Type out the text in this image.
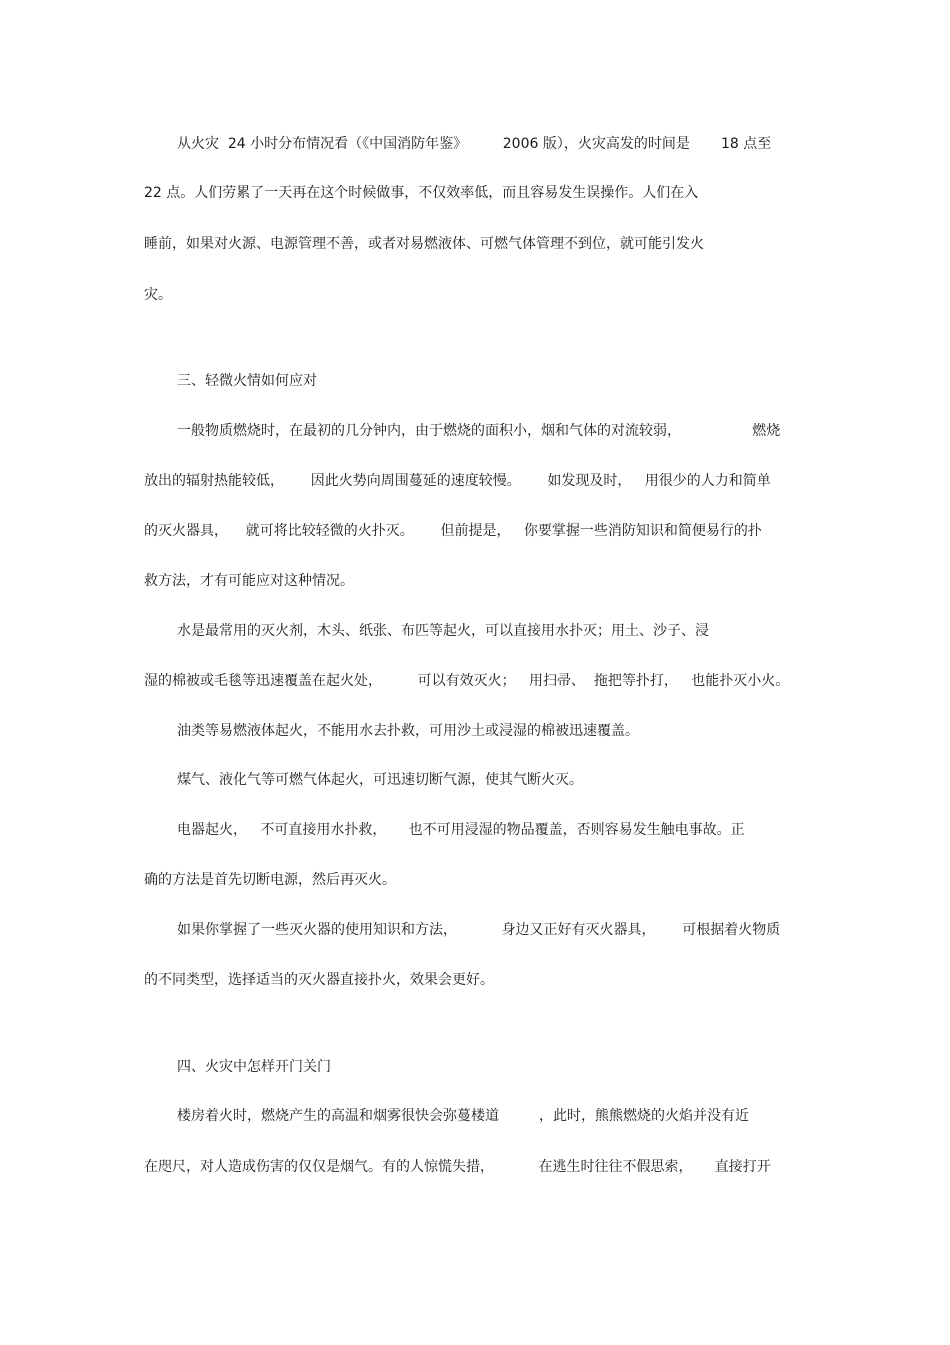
从火灾  24 小时分布情况看（《中国消防年鉴》        2006 版），火灾高发的时间是       18 点至
22 点。人们劳累了一天再在这个时候做事，不仅效率低，而且容易发生误操作。人们在入
睡前，如果对火源、电源管理不善，或者对易燃液体、可燃气体管理不到位，就可能引发火
灾。
三、轻微火情如何应对
一般物质燃烧时，在最初的几分钟内，由于燃烧的面积小，烟和气体的对流较弱，                燃烧
放出的辐射热能较低，      因此火势向周围蔓延的速度较慢。      如发现及时，   用很少的人力和简单
的灭火器具，    就可将比较轻微的火扑灭。      但前提是，   你要掌握一些消防知识和简便易行的扑
救方法，才有可能应对这种情况。
水是最常用的灭火剂，木头、纸张、布匹等起火，可以直接用水扑灭；用土、沙子、浸
湿的棉被或毛毯等迅速覆盖在起火处，        可以有效灭火；   用扫帚、  拖把等扑打，   也能扑灭小火。
油类等易燃液体起火，不能用水去扑救，可用沙土或浸湿的棉被迅速覆盖。
煤气、液化气等可燃气体起火，可迅速切断气源，使其气断火灭。
电器起火，   不可直接用水扑救，     也不可用浸湿的物品覆盖，否则容易发生触电事故。正
确的方法是首先切断电源，然后再灭火。
如果你掌握了一些灭火器的使用知识和方法，          身边又正好有灭火器具，      可根据着火物质
的不同类型，选择适当的灭火器直接扑火，效果会更好。
四、火灾中怎样开门关门
楼房着火时，燃烧产生的高温和烟雾很快会弥蔓楼道         ，此时，熊熊燃烧的火焰并没有近
在咫尺，对人造成伤害的仅仅是烟气。有的人惊慌失措，          在逃生时往往不假思索，     直接打开
